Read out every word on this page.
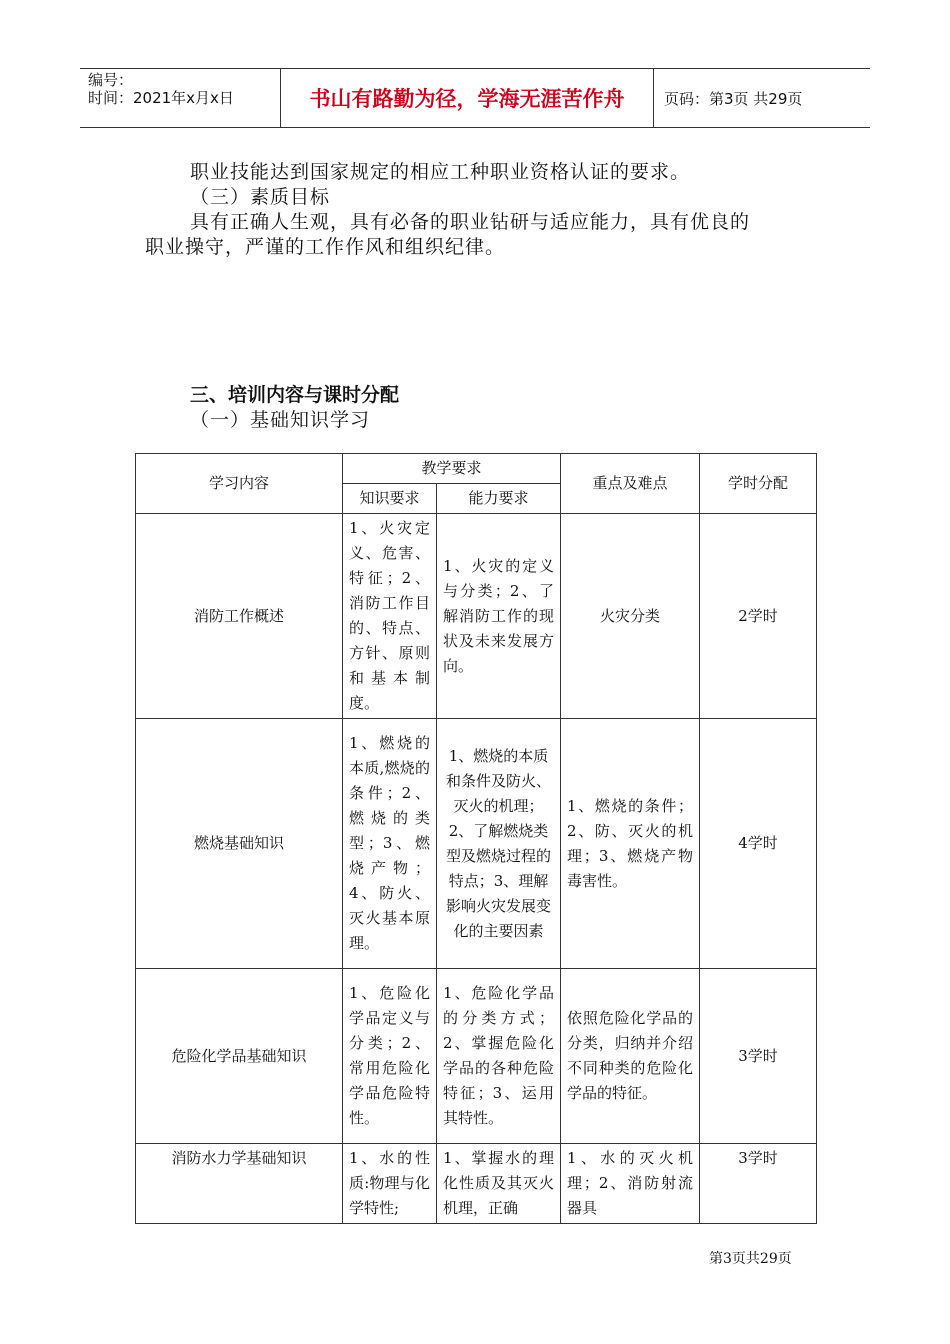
编号：
时间：2021年x月x日	书山有路勤为径，学海无涯苦作舟	页码：第3页 共29页
职业技能达到国家规定的相应工种职业资格认证的要求。
（三）素质目标
具有正确人生观，具有必备的职业钻研与适应能力，具有优良的
职业操守，严谨的工作作风和组织纪律。
三、培训内容与课时分配
（一）基础知识学习
学习内容	教学要求		重点及难点	学时分配
	知识要求	能力要求		
消防工作概述	1、火灾定义、危害、特征；2、消防工作目的、特点、方针、原则和基本制度。	1、火灾的定义与分类；2、了解消防工作的现状及未来发展方向。	火灾分类	2学时
燃烧基础知识	1、燃烧的本质,燃烧的条件；2、燃烧的类型；3、燃烧产物；4、防火、灭火基本原理。	1、燃烧的本质和条件及防火、灭火的机理；2、了解燃烧类型及燃烧过程的特点；3、理解影响火灾发展变化的主要因素	1、燃烧的条件；2、防、灭火的机理；3、燃烧产物毒害性。	4学时
危险化学品基础知识	1、危险化学品定义与分类；2、常用危险化学品危险特性。	1、危险化学品的分类方式；2、掌握危险化学品的各种危险特征；3、运用其特性。	依照危险化学品的分类，归纳并介绍不同种类的危险化学品的特征。	3学时
消防水力学基础知识	1、水的性质:物理与化学特性;	1、掌握水的理化性质及其灭火机理，正确	1、水的灭火机理；2、消防射流器具	3学时
第3页共29页
